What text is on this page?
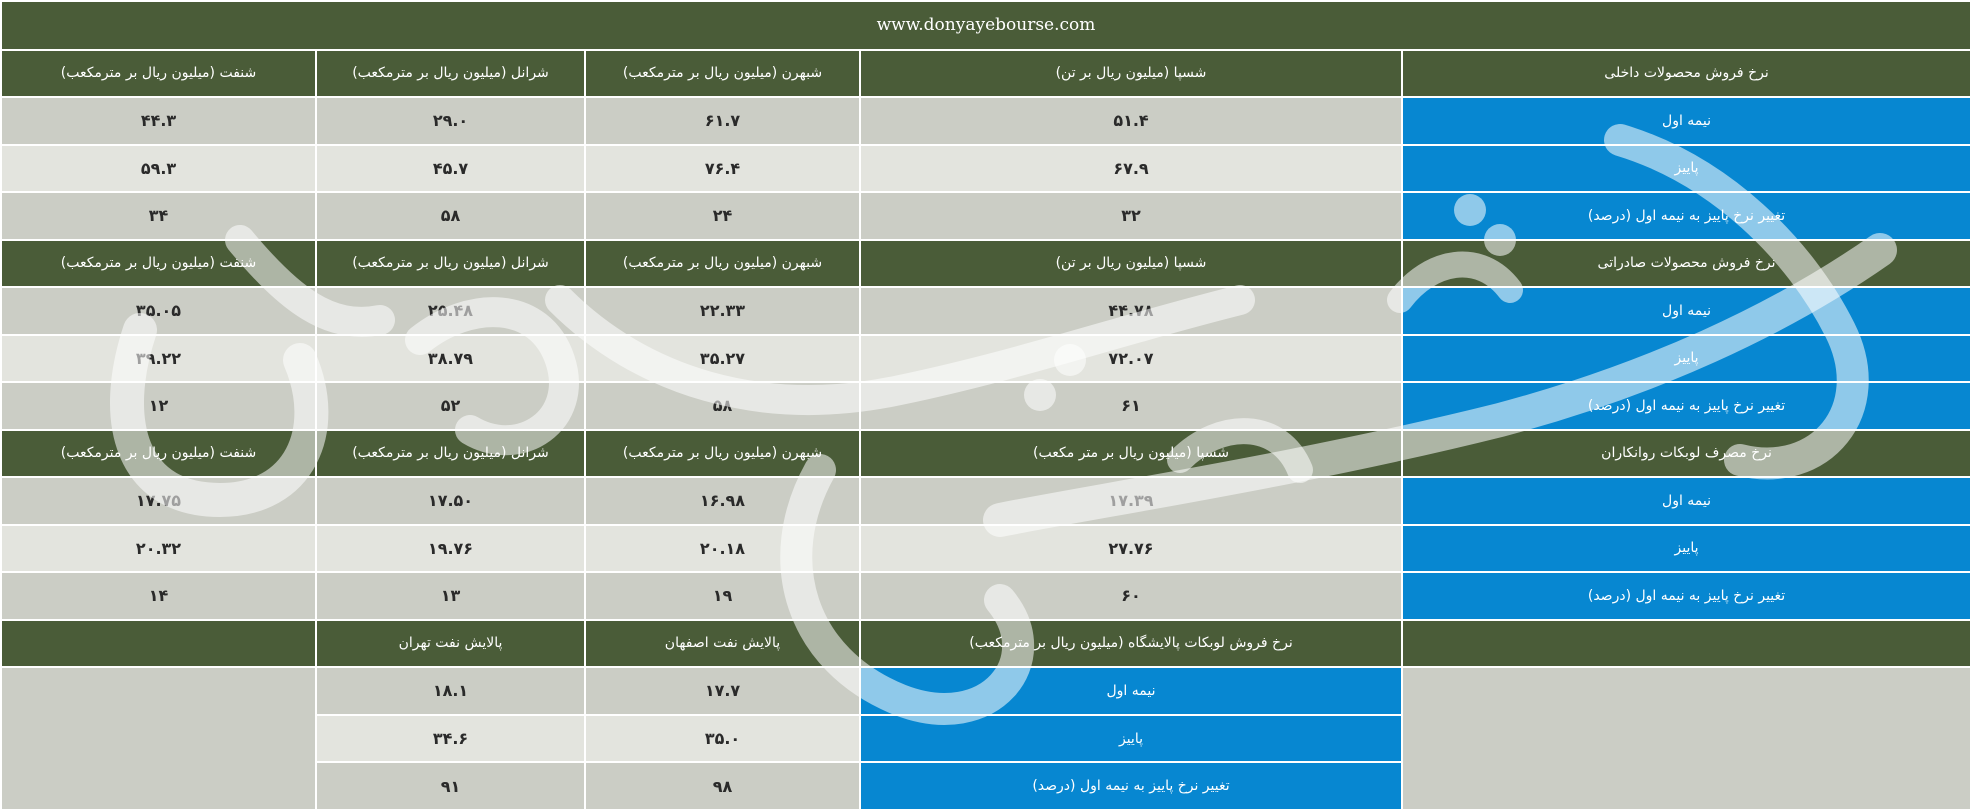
www.donyayebourse.com				
شنفت (میلیون ریال بر مترمکعب)	شرانل (میلیون ریال بر مترمکعب)	شبهرن (میلیون ریال بر مترمکعب)	شسپا (میلیون ریال بر تن)	نرخ فروش محصولات داخلی
۴۴.۳	۲۹.۰	۶۱.۷	۵۱.۴	نیمه اول
۵۹.۳	۴۵.۷	۷۶.۴	۶۷.۹	پاییز
۳۴	۵۸	۲۴	۳۲	تغییر نرخ پاییز به نیمه اول (درصد)
شنفت (میلیون ریال بر مترمکعب)	شرانل (میلیون ریال بر مترمکعب)	شبهرن (میلیون ریال بر مترمکعب)	شسپا (میلیون ریال بر تن)	نرخ فروش محصولات صادراتی
۳۵.۰۵	۲۵.۴۸	۲۲.۳۳	۴۴.۷۸	نیمه اول
۳۹.۲۲	۳۸.۷۹	۳۵.۲۷	۷۲.۰۷	پاییز
۱۲	۵۲	۵۸	۶۱	تغییر نرخ پاییز به نیمه اول (درصد)
شنفت (میلیون ریال بر مترمکعب)	شرانل (میلیون ریال بر مترمکعب)	شبهرن (میلیون ریال بر مترمکعب)	شسپا (میلیون ریال بر متر مکعب)	نرخ مصرف لوبکات روانکاران
۱۷.۷۵	۱۷.۵۰	۱۶.۹۸	۱۷.۳۹	نیمه اول
۲۰.۳۲	۱۹.۷۶	۲۰.۱۸	۲۷.۷۶	پاییز
۱۴	۱۳	۱۹	۶۰	تغییر نرخ پاییز به نیمه اول (درصد)
	پالایش نفت تهران	پالایش نفت اصفهان	نرخ فروش لوبکات پالایشگاه (میلیون ریال بر مترمکعب)	
	۱۸.۱	۱۷.۷	نیمه اول	
	۳۴.۶	۳۵.۰	پاییز	
	۹۱	۹۸	تغییر نرخ پاییز به نیمه اول (درصد)	
